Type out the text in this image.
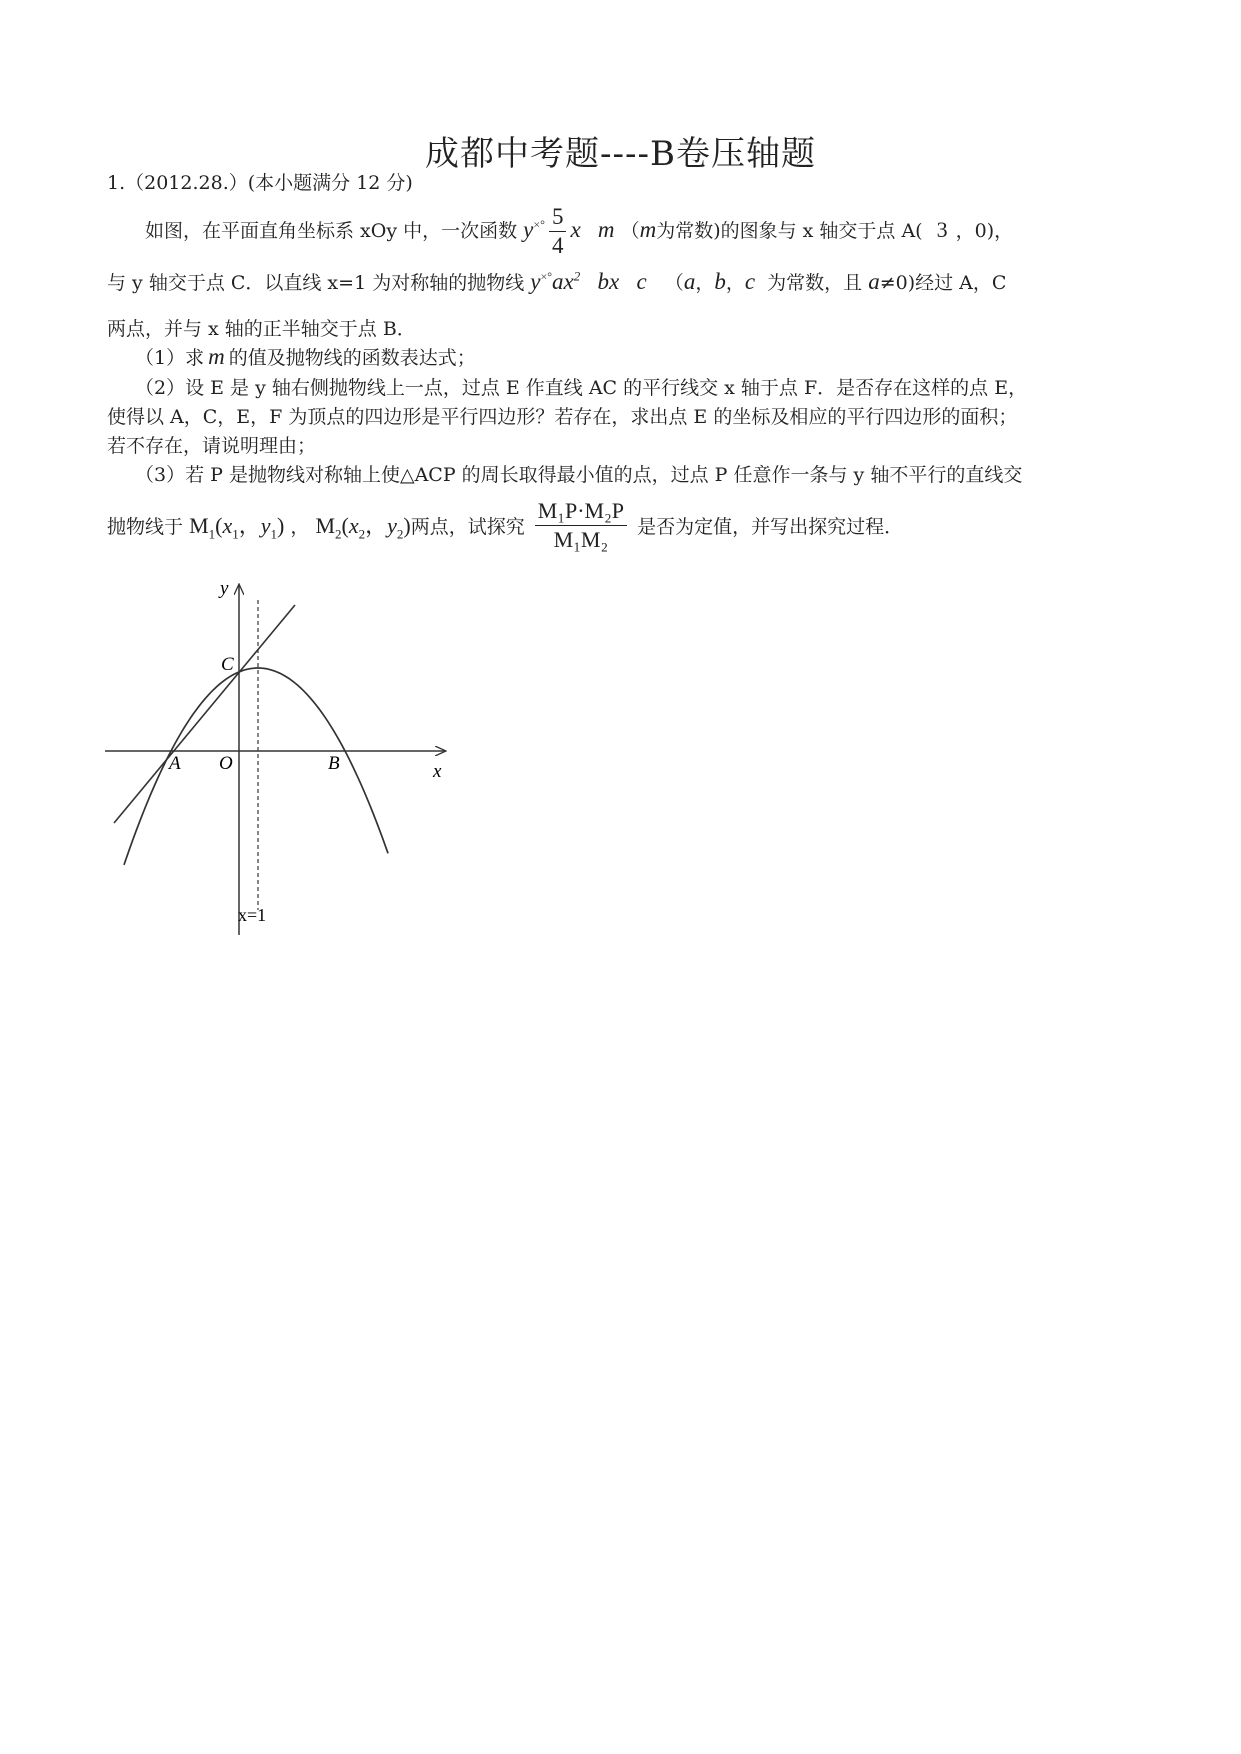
成都中考题----B卷压轴题
1.（2012.28.）(本小题满分 12 分)
如图，在平面直角坐标系 xOy 中，一次函数 $y^{\times^\circ} \frac{5}{4}$ x   m （m为常数)的图象与 x 轴交于点 A( 3 ，0)，
与 y 轴交于点 C．以直线 x=1 为对称轴的抛物线 $y^{\times^\circ}ax^2$   bx   c   （a，b，c 为常数，且 a≠0)经过 A，C
两点，并与 x 轴的正半轴交于点 B．
（1）求 m 的值及抛物线的函数表达式；
（2）设 E 是 y 轴右侧抛物线上一点，过点 E 作直线 AC 的平行线交 x 轴于点 F．是否存在这样的点 E，
使得以 A，C，E，F 为顶点的四边形是平行四边形？若存在，求出点 E 的坐标及相应的平行四边形的面积；
若不存在，请说明理由；
（3）若 P 是抛物线对称轴上使△ACP 的周长取得最小值的点，过点 P 任意作一条与 y 轴不平行的直线交
抛物线于 $M_1(x_1$，$y_1$) ， $M_2(x_2$，$y_2$)两点，试探究 $\frac{\text{M₁P·M₂P}}{\text{M₁M₂}}$ 是否为定值，并写出探究过程．
y
x
C
A O	B
x=1
